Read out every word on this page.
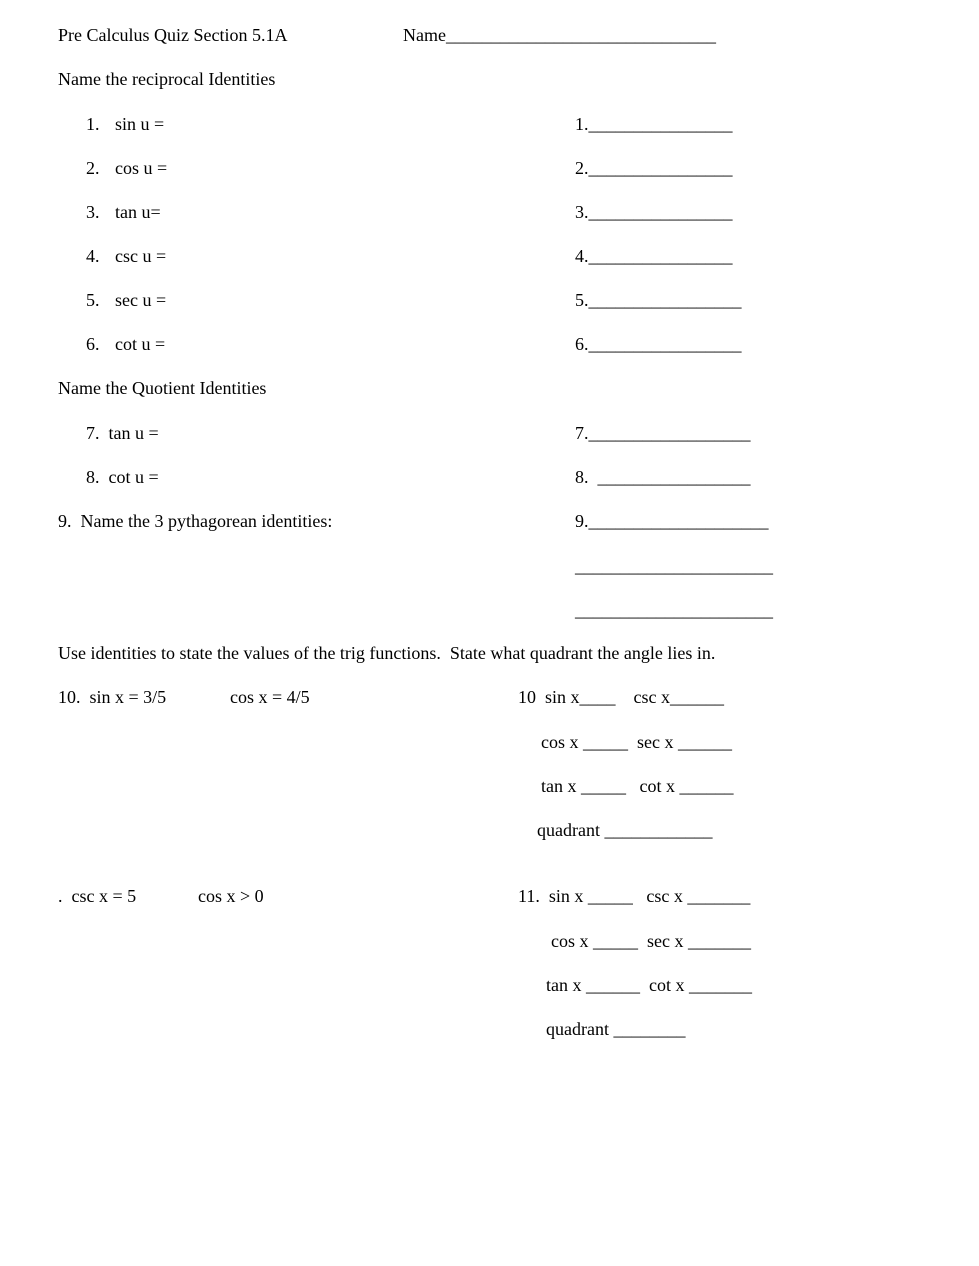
Pre Calculus Quiz Section 5.1A	Name______________________________
Name the reciprocal Identities
1. sin u =	1.________________
2. cos u =	2.________________
3. tan u=	3.________________
4. csc u =	4.________________
5. sec u =	5._________________
6. cot u =	6._________________
Name the Quotient Identities
7.  tan u =	7.__________________
8.  cot u =	8.  _________________
9.  Name the 3 pythagorean identities:	9.____________________
______________________
______________________
Use identities to state the values of the trig functions.  State what quadrant the angle lies in.
10.  sin x = 3/5	cos x = 4/5	10  sin x____    csc x______
cos x _____  sec x ______
tan x _____   cot x ______
quadrant ____________
.  csc x = 5	cos x > 0	11.  sin x _____   csc x _______
cos x _____  sec x _______
tan x ______  cot x _______
quadrant ________
